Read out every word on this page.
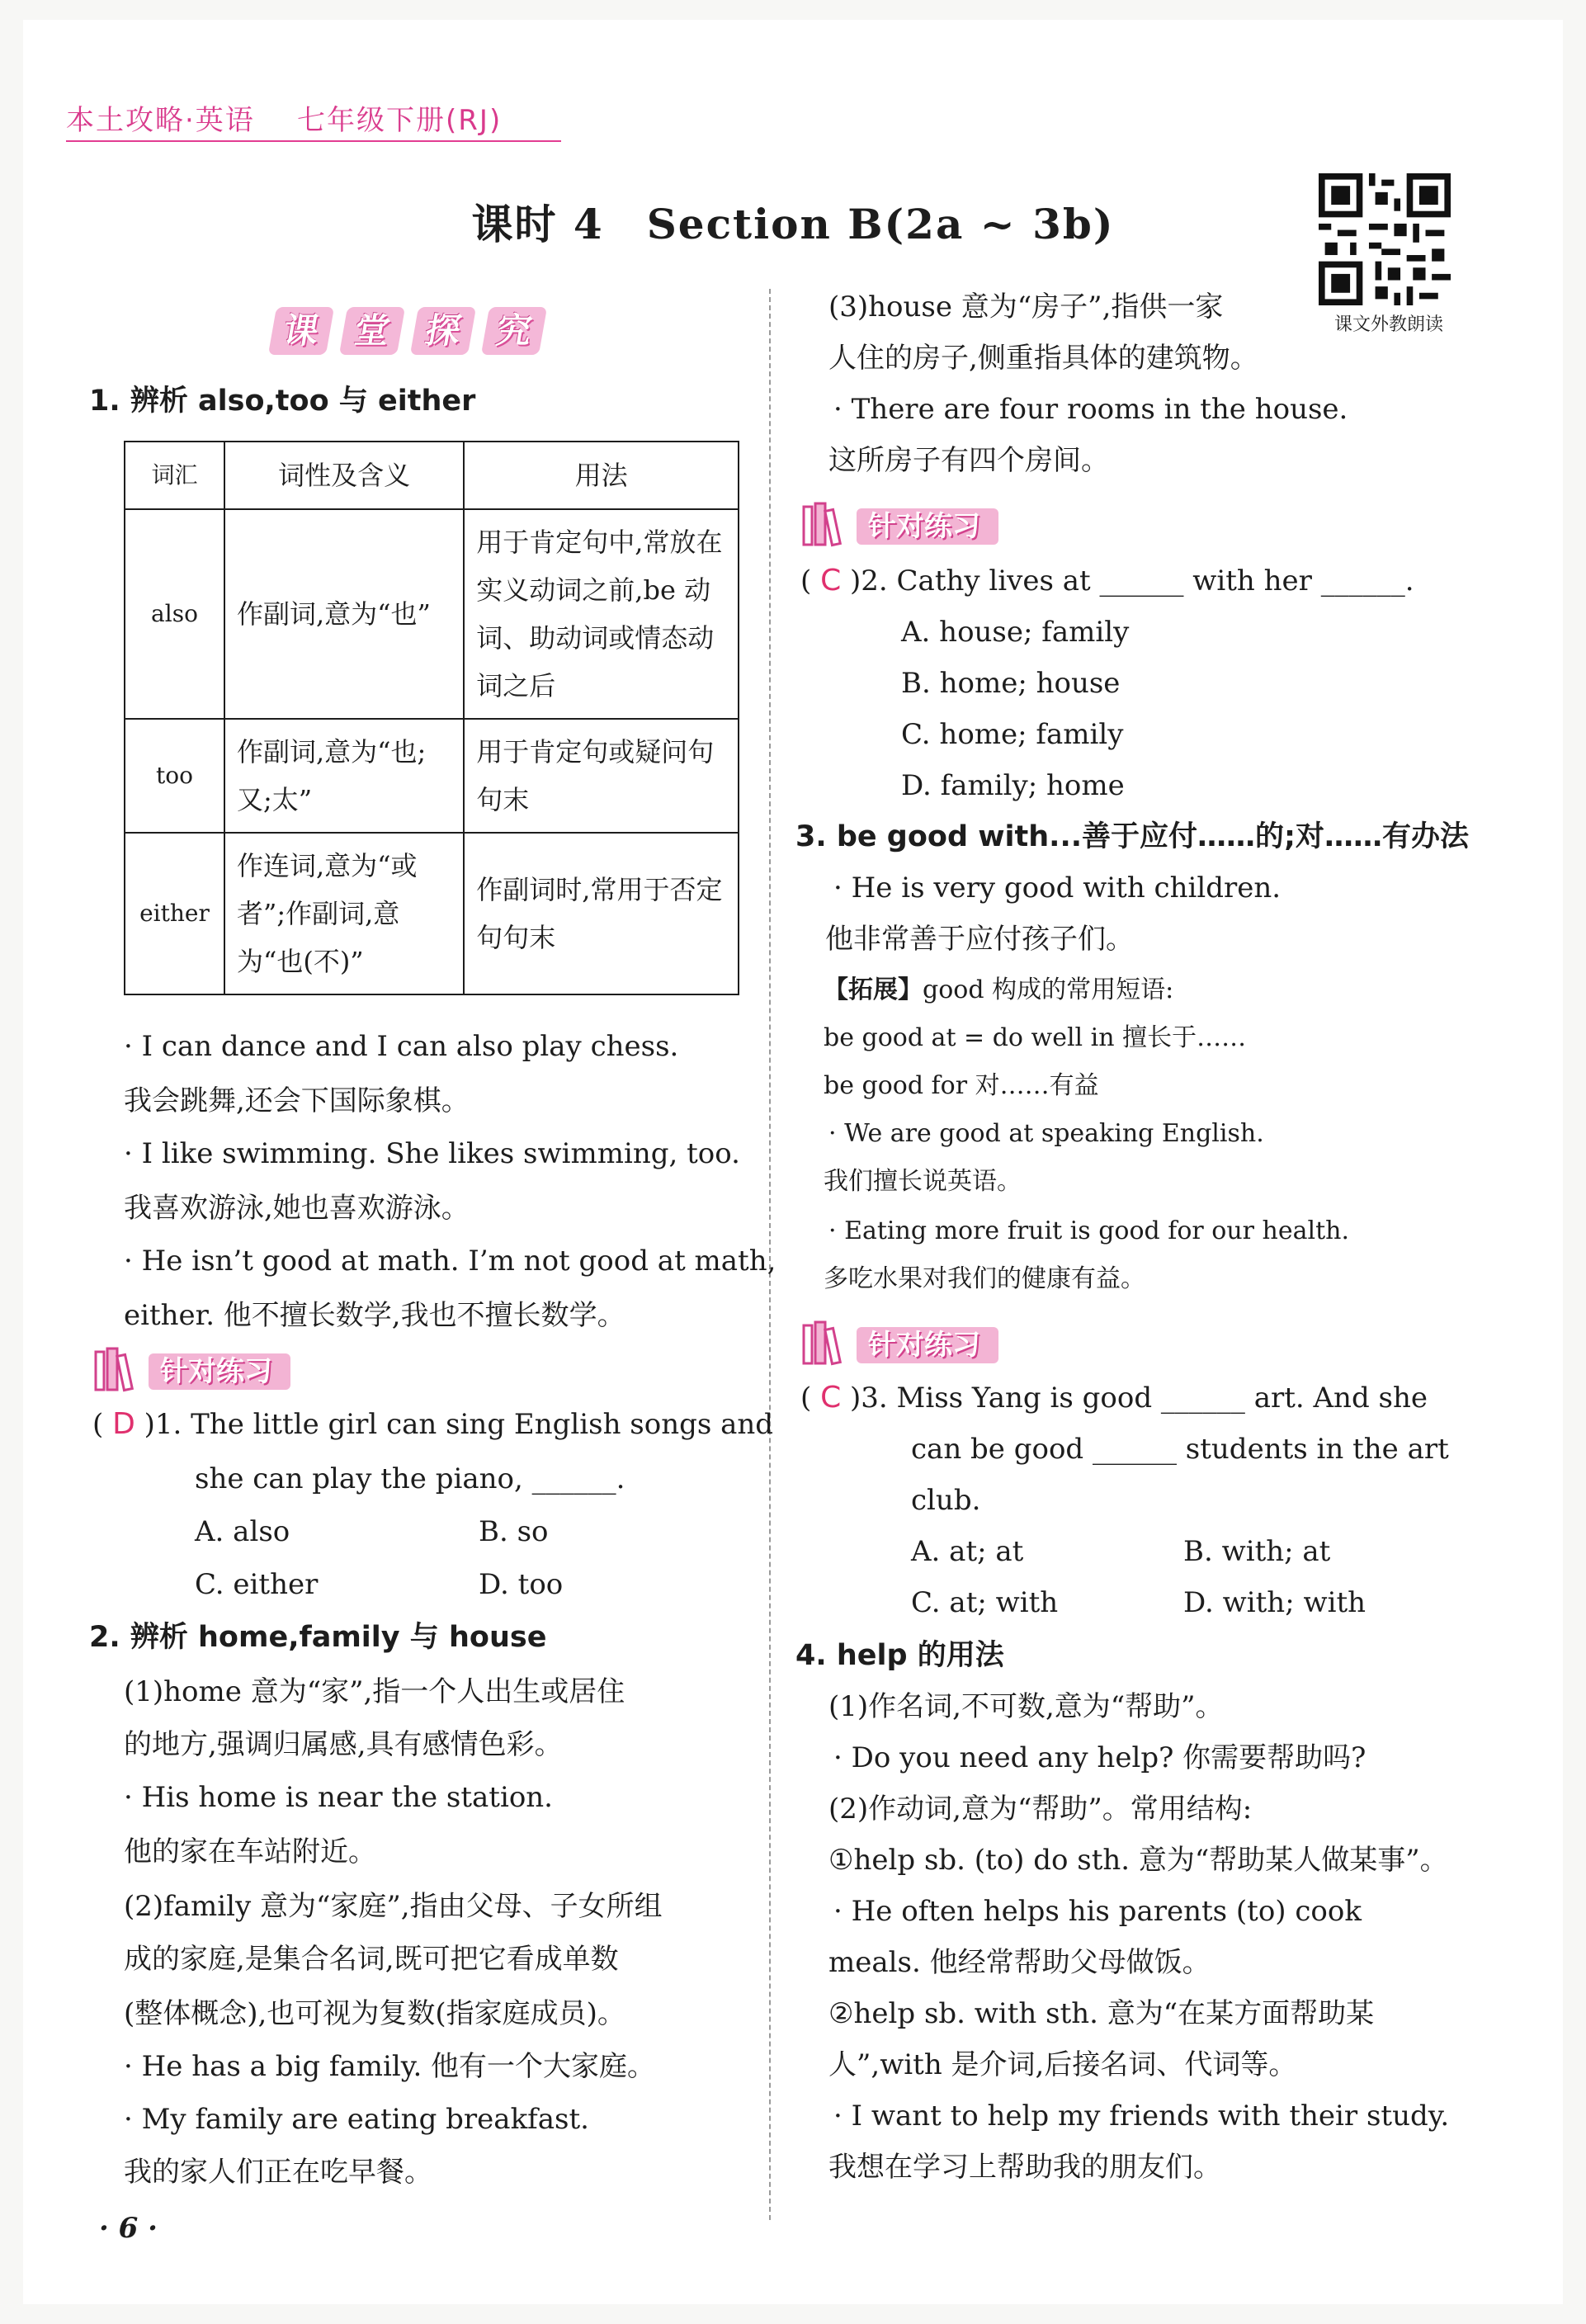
本土攻略·英语 七年级下册(RJ)
课时 4　Section B(2a ~ 3b)
课文外教朗读
课 堂 探 究
1. 辨析 also,too 与 either
词汇	词性及含义	用法
also	作副词,意为“也”	用于肯定句中,常放在实义动词之前,be 动词、助动词或情态动词之后
too	作副词,意为“也;又;太”	用于肯定句或疑问句句末
either	作连词,意为“或者”;作副词,意为“也(不)”	作副词时,常用于否定句句末
· I can dance and I can also play chess.
我会跳舞,还会下国际象棋。
· I like swimming. She likes swimming, too.
我喜欢游泳,她也喜欢游泳。
· He isn’t good at math. I’m not good at math,
either. 他不擅长数学,我也不擅长数学。
针对练习
( D )1. The little girl can sing English songs and
she can play the piano, ______.
A. also	B. so
C. either	D. too
2. 辨析 home,family 与 house
(1)home 意为“家”,指一个人出生或居住
的地方,强调归属感,具有感情色彩。
· His home is near the station.
他的家在车站附近。
(2)family 意为“家庭”,指由父母、子女所组
成的家庭,是集合名词,既可把它看成单数
(整体概念),也可视为复数(指家庭成员)。
· He has a big family. 他有一个大家庭。
· My family are eating breakfast.
我的家人们正在吃早餐。
(3)house 意为“房子”,指供一家
人住的房子,侧重指具体的建筑物。
· There are four rooms in the house.
这所房子有四个房间。
针对练习
( C )2. Cathy lives at ______ with her ______.
A. house; family
B. home; house
C. home; family
D. family; home
3. be good with...善于应付……的;对……有办法
· He is very good with children.
他非常善于应付孩子们。
【拓展】good 构成的常用短语:
be good at = do well in 擅长于……
be good for 对……有益
· We are good at speaking English.
我们擅长说英语。
· Eating more fruit is good for our health.
多吃水果对我们的健康有益。
针对练习
( C )3. Miss Yang is good ______ art. And she
can be good ______ students in the art
club.
A. at; at	B. with; at
C. at; with	D. with; with
4. help 的用法
(1)作名词,不可数,意为“帮助”。
· Do you need any help? 你需要帮助吗?
(2)作动词,意为“帮助”。常用结构:
①help sb. (to) do sth. 意为“帮助某人做某事”。
· He often helps his parents (to) cook
meals. 他经常帮助父母做饭。
②help sb. with sth. 意为“在某方面帮助某
人”,with 是介词,后接名词、代词等。
· I want to help my friends with their study.
我想在学习上帮助我的朋友们。
· 6 ·
